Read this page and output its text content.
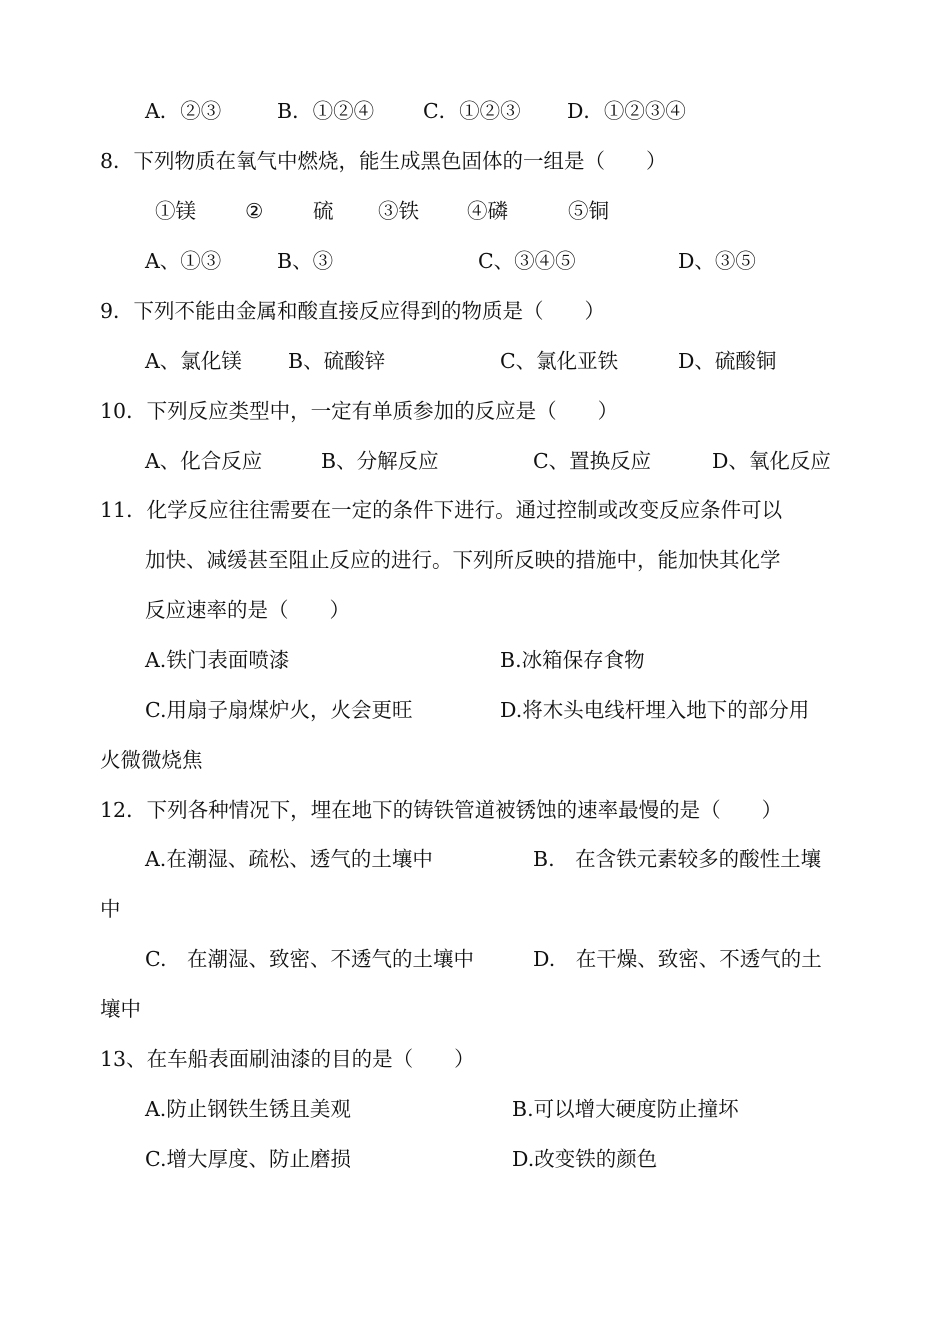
A．②③	B．①②④ C．①②③ D．①②③④
8．下列物质在氧气中燃烧，能生成黑色固体的一组是（　　）
①镁 ② 硫 ③铁 ④磷	⑤铜
A、①③	B、③	C、③④⑤	D、③⑤
9．下列不能由金属和酸直接反应得到的物质是（　　）
A、氯化镁 B、硫酸锌	C、氯化亚铁	D、硫酸铜
10．下列反应类型中，一定有单质参加的反应是（　　）
A、化合反应	B、分解反应	C、置换反应	D、氧化反应
11．化学反应往往需要在一定的条件下进行。通过控制或改变反应条件可以
加快、减缓甚至阻止反应的进行。下列所反映的措施中，能加快其化学
反应速率的是（　　）
A.铁门表面喷漆	B.冰箱保存食物
C.用扇子扇煤炉火，火会更旺	D.将木头电线杆埋入地下的部分用
火微微烧焦
12．下列各种情况下，埋在地下的铸铁管道被锈蚀的速率最慢的是（　　）
A.在潮湿、疏松、透气的土壤中	B.　在含铁元素较多的酸性土壤
中
C.　在潮湿、致密、不透气的土壤中	D.　在干燥、致密、不透气的土
壤中
13、在车船表面刷油漆的目的是（　　）
A.防止钢铁生锈且美观	B.可以增大硬度防止撞坏
C.增大厚度、防止磨损	D.改变铁的颜色
